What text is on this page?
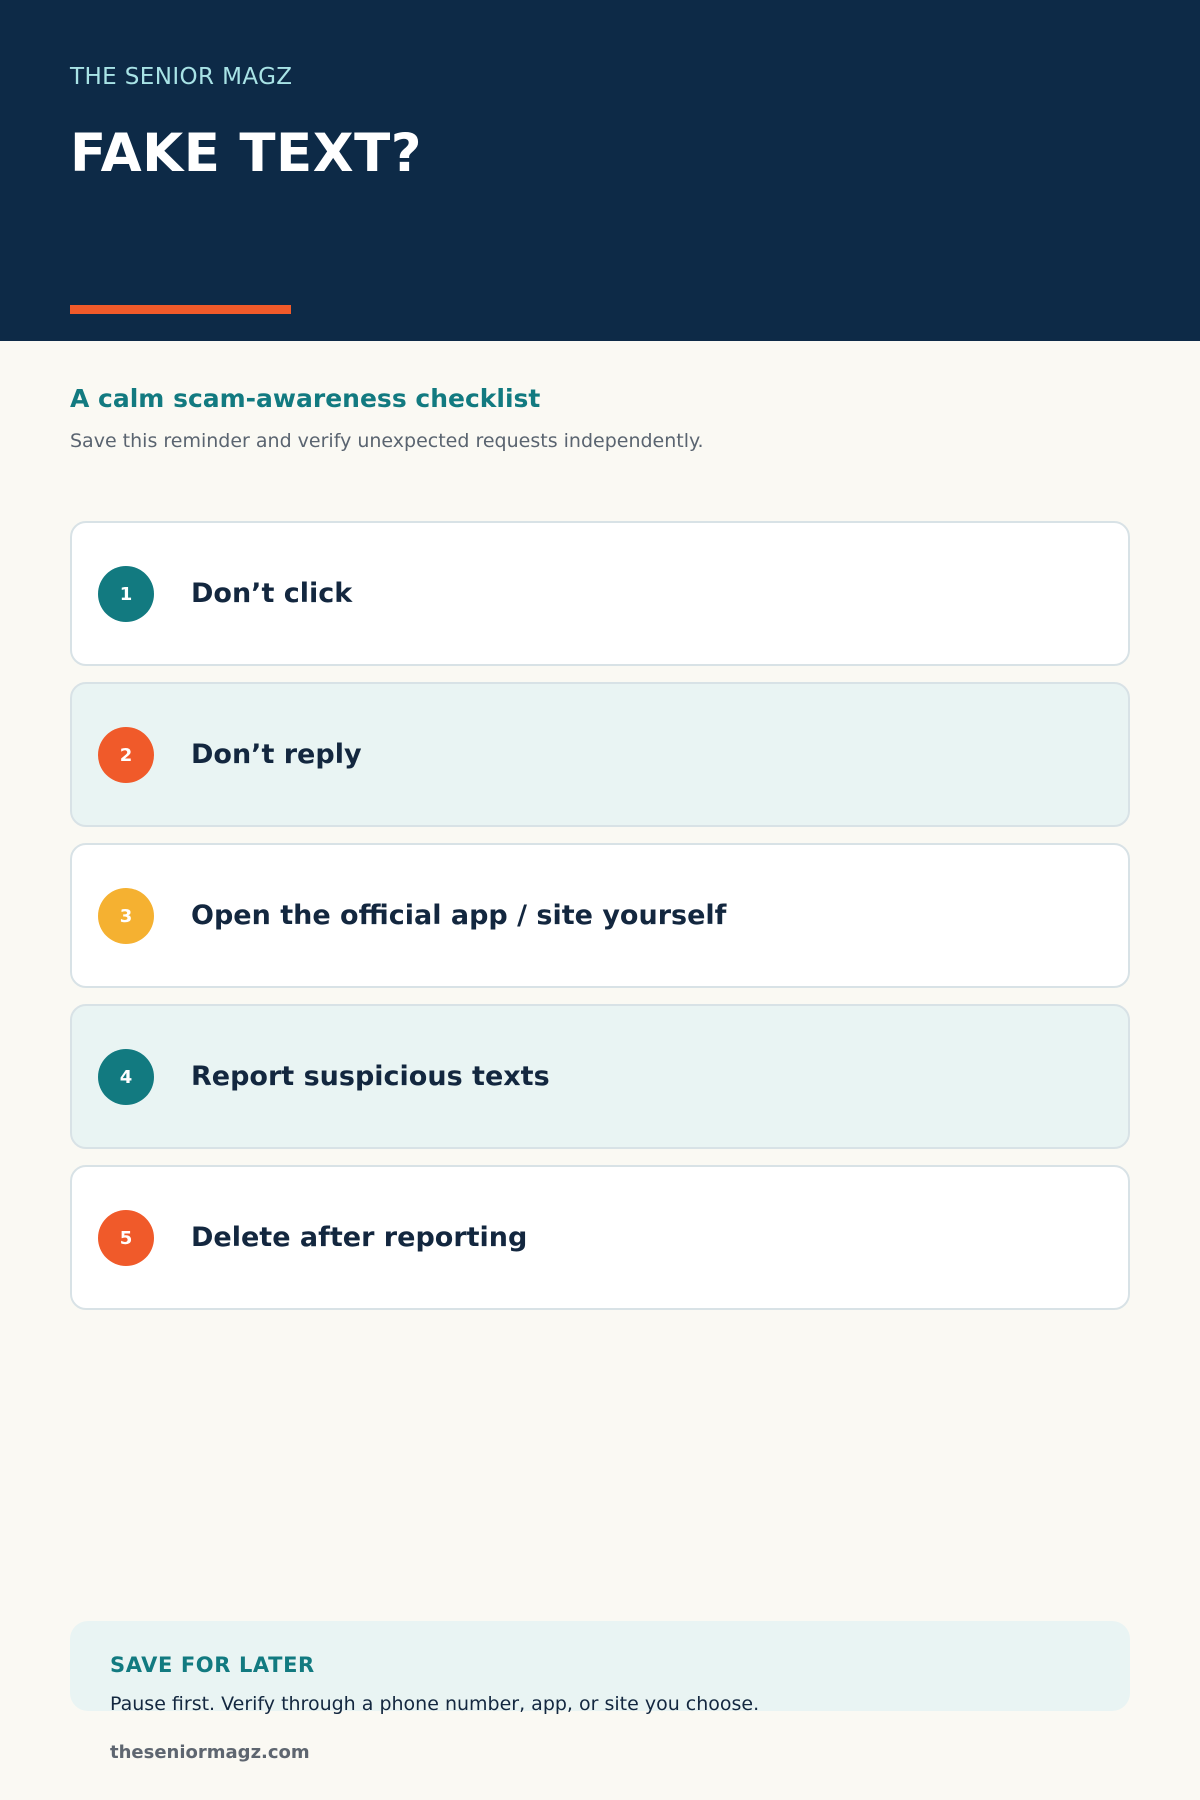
THE SENIOR MAGZ
FAKE TEXT?
A calm scam-awareness checklist
Save this reminder and verify unexpected requests independently.
1	Don’t click
2	Don’t reply
3	Open the official app / site yourself
4	Report suspicious texts
5	Delete after reporting
SAVE FOR LATER
Pause first. Verify through a phone number, app, or site you choose.
theseniormagz.com
